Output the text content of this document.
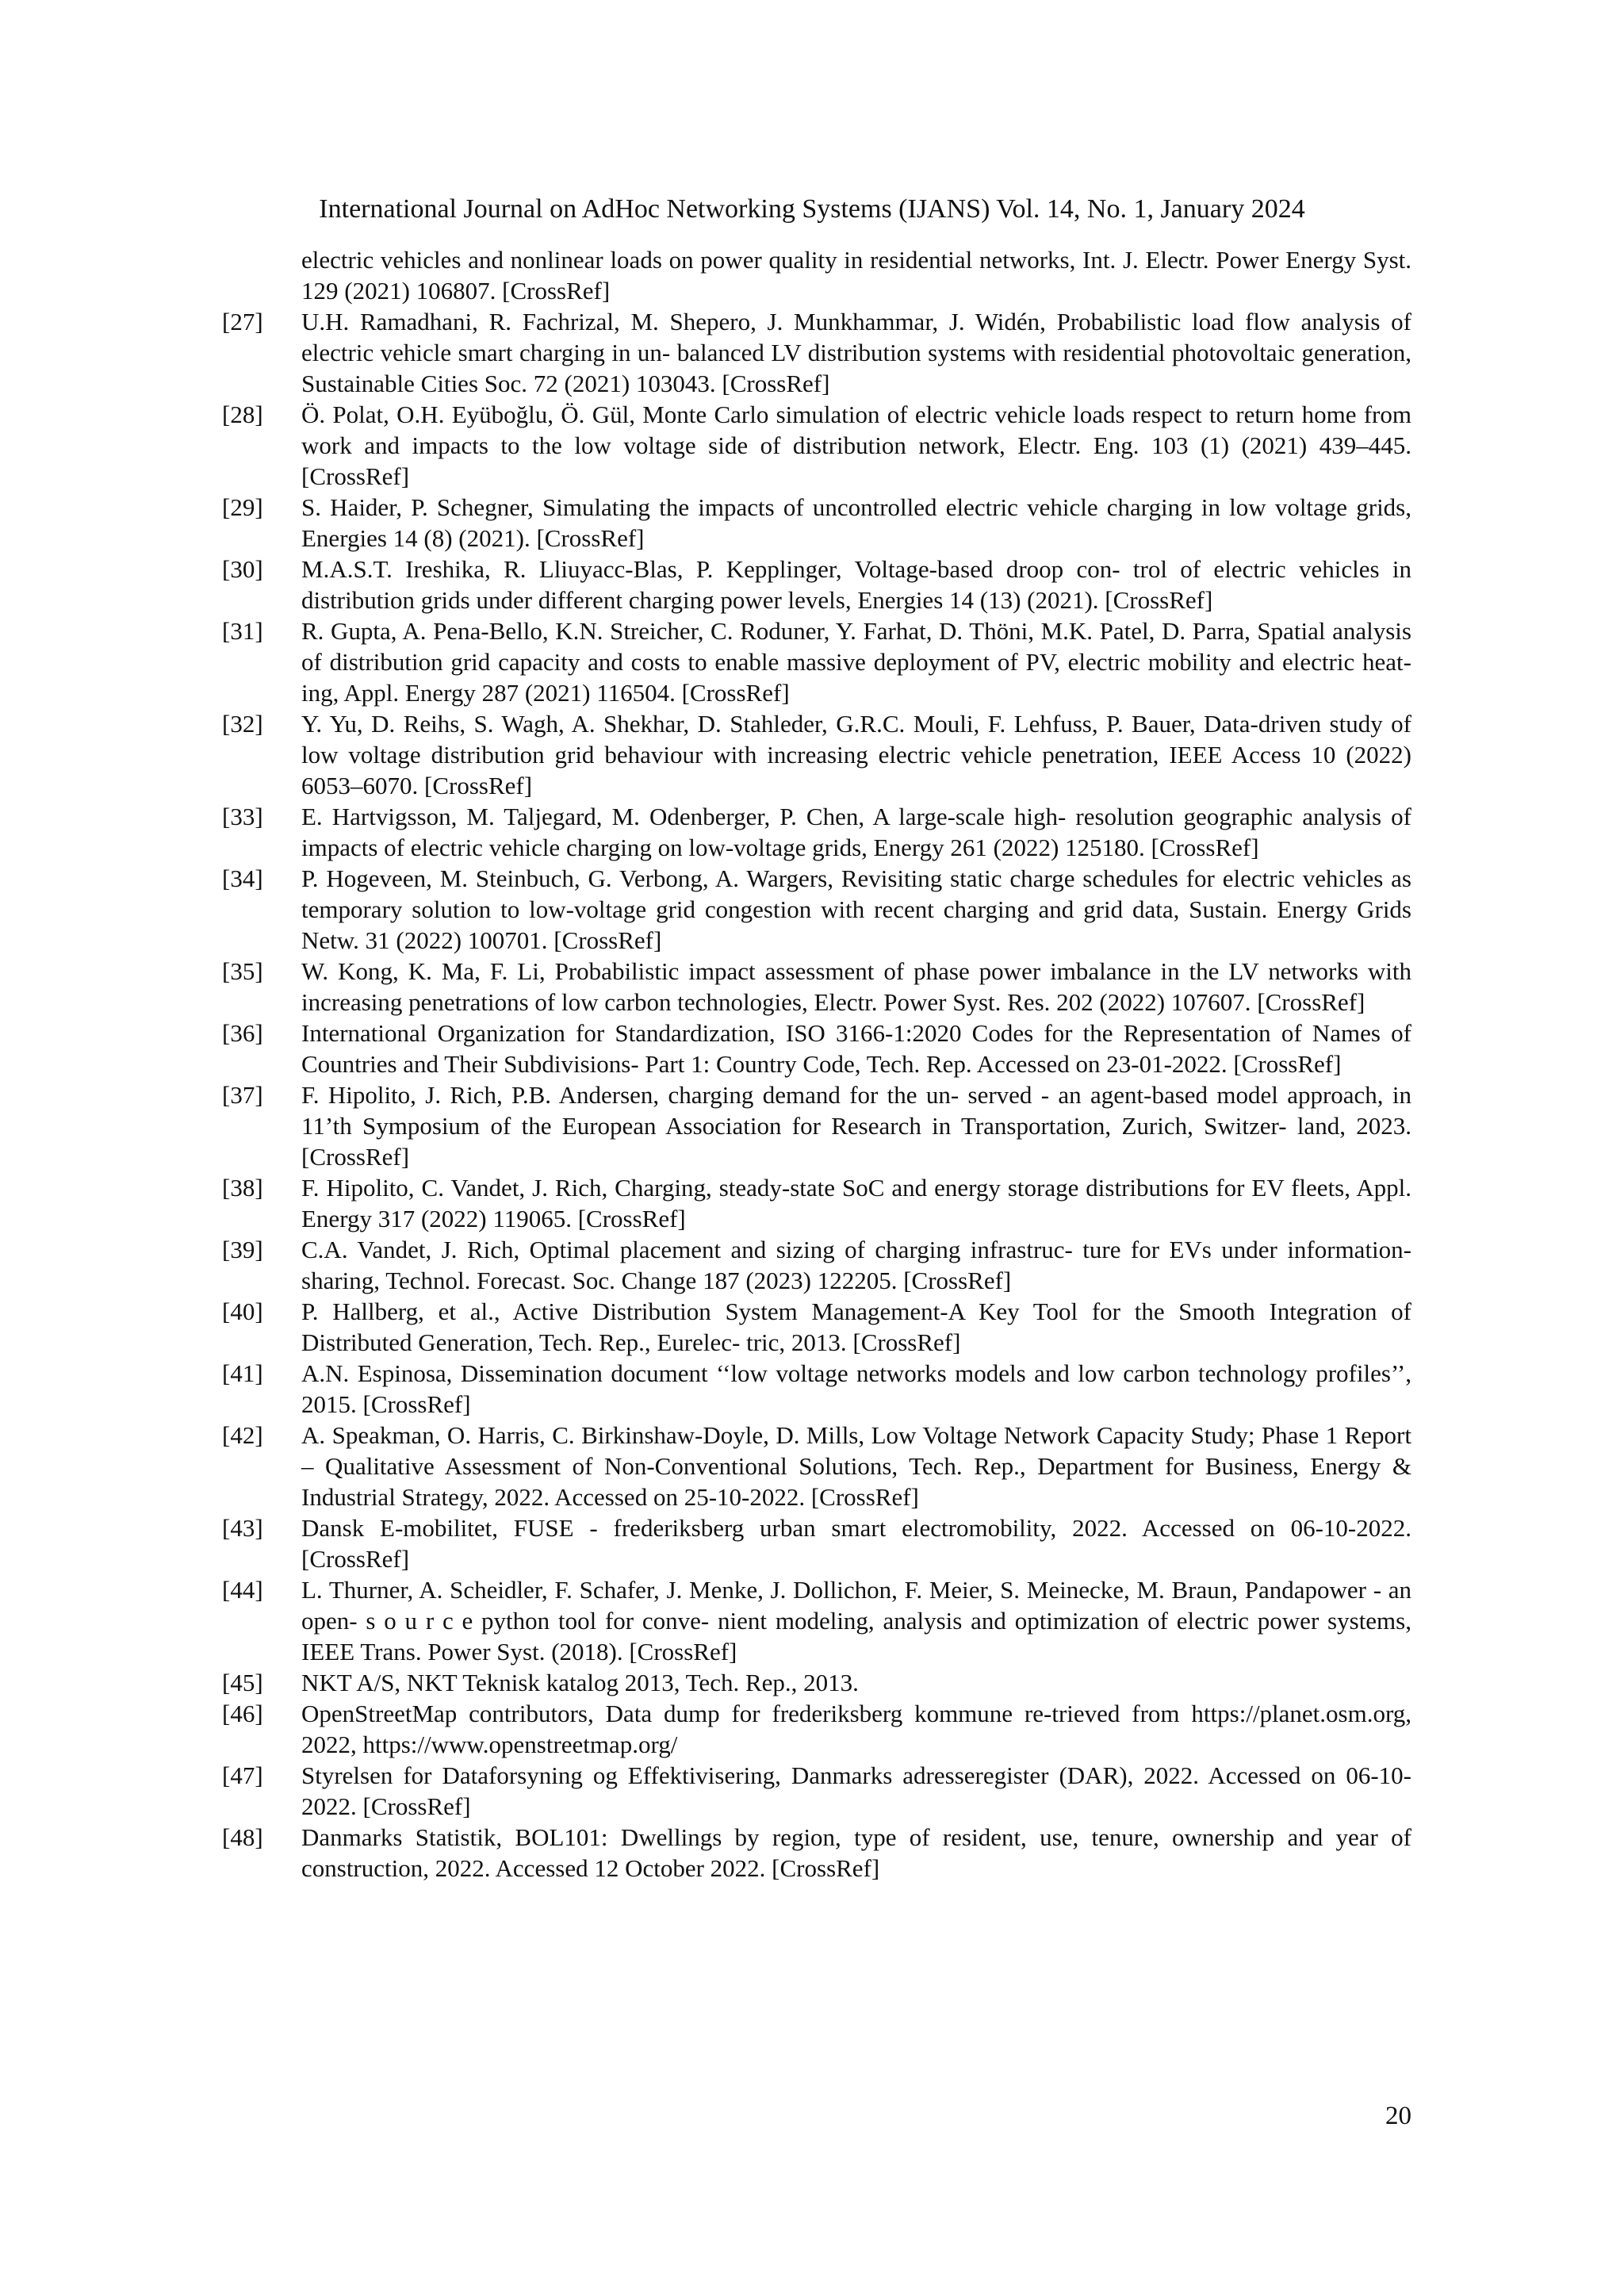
International Journal on AdHoc Networking Systems (IJANS) Vol. 14, No. 1, January 2024
electric vehicles and nonlinear loads on power quality in residential networks, Int. J. Electr. Power Energy Syst. 129 (2021) 106807. [CrossRef]
[27]	U.H. Ramadhani, R. Fachrizal, M. Shepero, J. Munkhammar, J. Widén, Probabilistic load flow analysis of electric vehicle smart charging in un- balanced LV distribution systems with residential photovoltaic generation, Sustainable Cities Soc. 72 (2021) 103043. [CrossRef]
[28]	Ö. Polat, O.H. Eyüboğlu, Ö. Gül, Monte Carlo simulation of electric vehicle loads respect to return home from work and impacts to the low voltage side of distribution network, Electr. Eng. 103 (1) (2021) 439–445. [CrossRef]
[29]	S. Haider, P. Schegner, Simulating the impacts of uncontrolled electric vehicle charging in low voltage grids, Energies 14 (8) (2021). [CrossRef]
[30]	M.A.S.T. Ireshika, R. Lliuyacc-Blas, P. Kepplinger, Voltage-based droop con- trol of electric vehicles in distribution grids under different charging power levels, Energies 14 (13) (2021). [CrossRef]
[31]	R. Gupta, A. Pena-Bello, K.N. Streicher, C. Roduner, Y. Farhat, D. Thöni, M.K. Patel, D. Parra, Spatial analysis of distribution grid capacity and costs to enable massive deployment of PV, electric mobility and electric heat- ing, Appl. Energy 287 (2021) 116504. [CrossRef]
[32]	Y. Yu, D. Reihs, S. Wagh, A. Shekhar, D. Stahleder, G.R.C. Mouli, F. Lehfuss, P. Bauer, Data-driven study of low voltage distribution grid behaviour with increasing electric vehicle penetration, IEEE Access 10 (2022) 6053–6070. [CrossRef]
[33]	E. Hartvigsson, M. Taljegard, M. Odenberger, P. Chen, A large-scale high- resolution geographic analysis of impacts of electric vehicle charging on low-voltage grids, Energy 261 (2022) 125180. [CrossRef]
[34]	P. Hogeveen, M. Steinbuch, G. Verbong, A. Wargers, Revisiting static charge schedules for electric vehicles as temporary solution to low-voltage grid congestion with recent charging and grid data, Sustain. Energy Grids Netw. 31 (2022) 100701. [CrossRef]
[35]	W. Kong, K. Ma, F. Li, Probabilistic impact assessment of phase power imbalance in the LV networks with increasing penetrations of low carbon technologies, Electr. Power Syst. Res. 202 (2022) 107607. [CrossRef]
[36]	International Organization for Standardization, ISO 3166-1:2020 Codes for the Representation of Names of Countries and Their Subdivisions- Part 1: Country Code, Tech. Rep. Accessed on 23-01-2022. [CrossRef]
[37]	F. Hipolito, J. Rich, P.B. Andersen, charging demand for the un- served - an agent-based model approach, in 11’th Symposium of the European Association for Research in Transportation, Zurich, Switzer- land, 2023. [CrossRef]
[38]	F. Hipolito, C. Vandet, J. Rich, Charging, steady-state SoC and energy storage distributions for EV fleets, Appl. Energy 317 (2022) 119065. [CrossRef]
[39]	C.A. Vandet, J. Rich, Optimal placement and sizing of charging infrastruc- ture for EVs under information-sharing, Technol. Forecast. Soc. Change 187 (2023) 122205. [CrossRef]
[40]	P. Hallberg, et al., Active Distribution System Management-A Key Tool for the Smooth Integration of Distributed Generation, Tech. Rep., Eurelec- tric, 2013. [CrossRef]
[41]	A.N. Espinosa, Dissemination document ‘‘low voltage networks models and low carbon technology profiles’’, 2015. [CrossRef]
[42]	A. Speakman, O. Harris, C. Birkinshaw-Doyle, D. Mills, Low Voltage Network Capacity Study; Phase 1 Report – Qualitative Assessment of Non-Conventional Solutions, Tech. Rep., Department for Business, Energy & Industrial Strategy, 2022. Accessed on 25-10-2022. [CrossRef]
[43]	Dansk E-mobilitet, FUSE - frederiksberg urban smart electromobility, 2022. Accessed on 06-10-2022. [CrossRef]
[44]	L. Thurner, A. Scheidler, F. Schafer, J. Menke, J. Dollichon, F. Meier, S. Meinecke, M. Braun, Pandapower - an open- s o u r c e python tool for conve- nient modeling, analysis and optimization of electric power systems, IEEE Trans. Power Syst. (2018). [CrossRef]
[45]	NKT A/S, NKT Teknisk katalog 2013, Tech. Rep., 2013.
[46]	OpenStreetMap contributors, Data dump for frederiksberg kommune re-trieved from https://planet.osm.org, 2022, https://www.openstreetmap.org/
[47]	Styrelsen for Dataforsyning og Effektivisering, Danmarks adresseregister (DAR), 2022. Accessed on 06-10-2022. [CrossRef]
[48]	Danmarks Statistik, BOL101: Dwellings by region, type of resident, use, tenure, ownership and year of construction, 2022. Accessed 12 October 2022. [CrossRef]
20
